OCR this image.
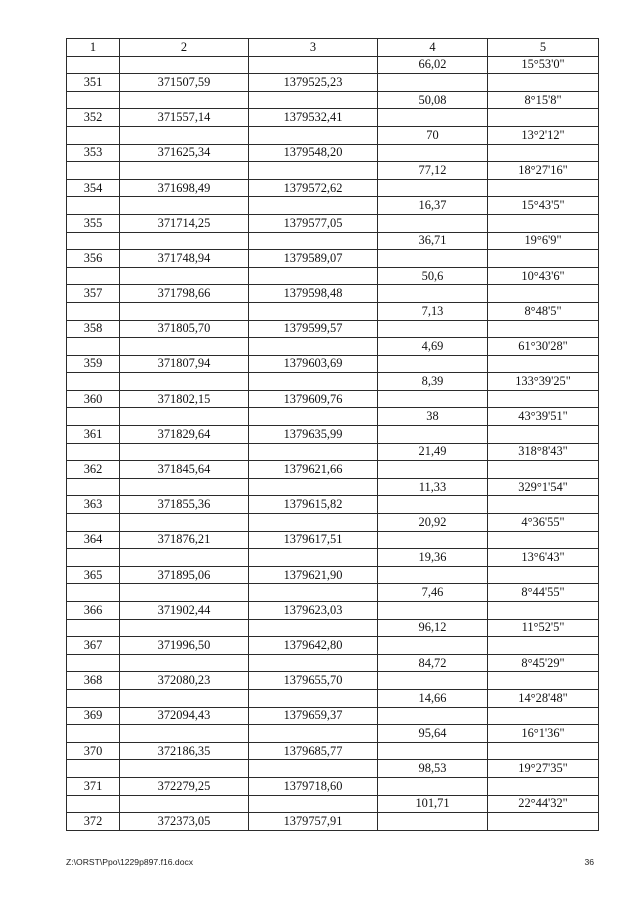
1	2	3	4	5
			66,02	15°53'0"
351	371507,59	1379525,23		
			50,08	8°15'8"
352	371557,14	1379532,41		
			70	13°2'12"
353	371625,34	1379548,20		
			77,12	18°27'16"
354	371698,49	1379572,62		
			16,37	15°43'5"
355	371714,25	1379577,05		
			36,71	19°6'9"
356	371748,94	1379589,07		
			50,6	10°43'6"
357	371798,66	1379598,48		
			7,13	8°48'5"
358	371805,70	1379599,57		
			4,69	61°30'28"
359	371807,94	1379603,69		
			8,39	133°39'25"
360	371802,15	1379609,76		
			38	43°39'51"
361	371829,64	1379635,99		
			21,49	318°8'43"
362	371845,64	1379621,66		
			11,33	329°1'54"
363	371855,36	1379615,82		
			20,92	4°36'55"
364	371876,21	1379617,51		
			19,36	13°6'43"
365	371895,06	1379621,90		
			7,46	8°44'55"
366	371902,44	1379623,03		
			96,12	11°52'5"
367	371996,50	1379642,80		
			84,72	8°45'29"
368	372080,23	1379655,70		
			14,66	14°28'48"
369	372094,43	1379659,37		
			95,64	16°1'36"
370	372186,35	1379685,77		
			98,53	19°27'35"
371	372279,25	1379718,60		
			101,71	22°44'32"
372	372373,05	1379757,91		
Z:\ORST\Ppo\1229p897.f16.docx	36
